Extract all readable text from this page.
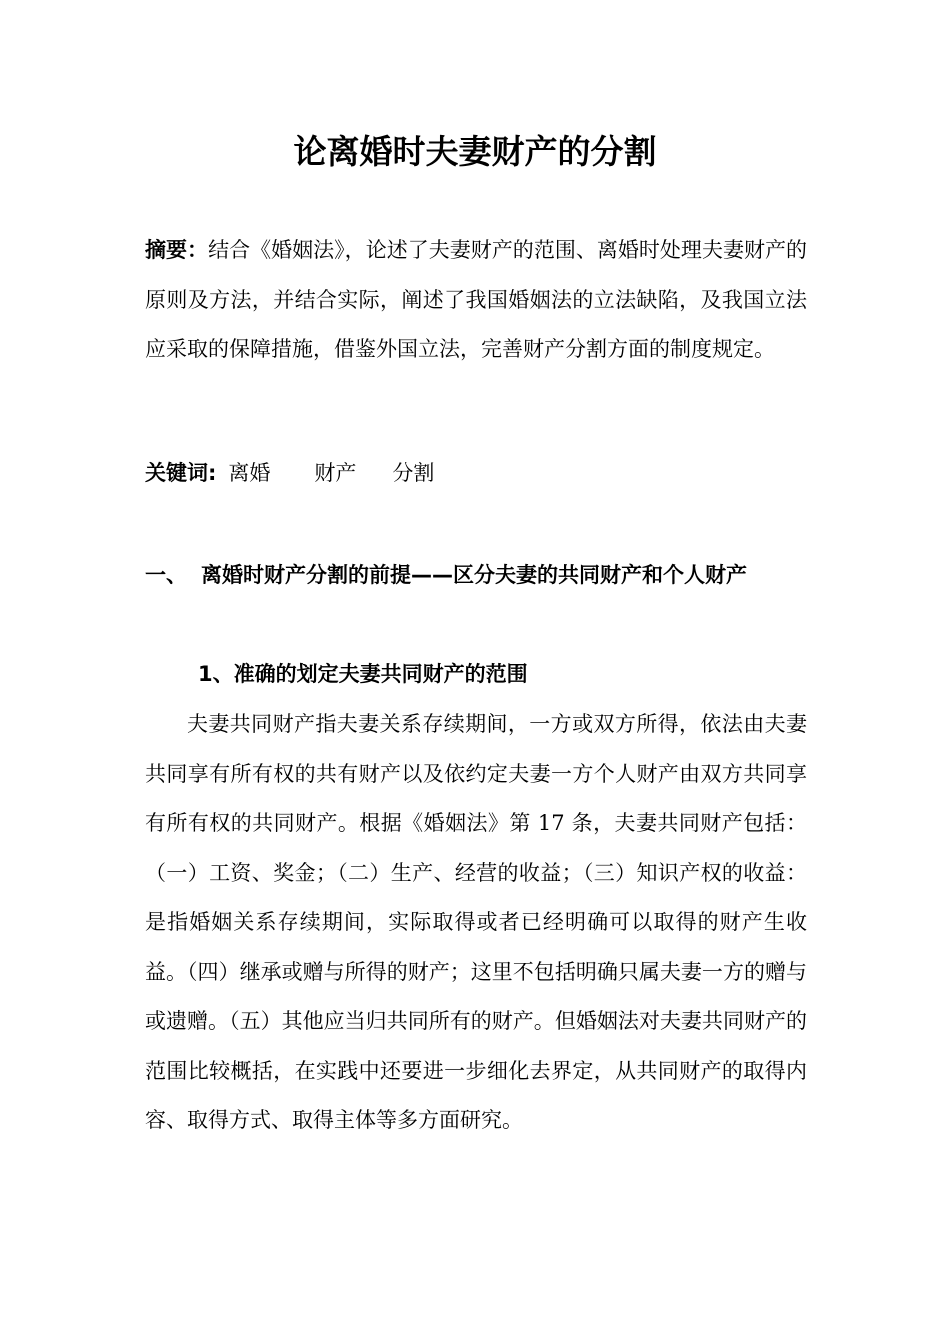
论离婚时夫妻财产的分割

摘要：结合《婚姻法》，论述了夫妻财产的范围、离婚时处理夫妻财产的原则及方法，并结合实际，阐述了我国婚姻法的立法缺陷，及我国立法应采取的保障措施，借鉴外国立法，完善财产分割方面的制度规定。

关键词: 离婚 财产 分割

一、 离婚时财产分割的前提——区分夫妻的共同财产和个人财产
1、准确的划定夫妻共同财产的范围

夫妻共同财产指夫妻关系存续期间，一方或双方所得，依法由夫妻共同享有所有权的共有财产以及依约定夫妻一方个人财产由双方共同享有所有权的共同财产。根据《婚姻法》第 17 条，夫妻共同财产包括：（一）工资、奖金；（二）生产、经营的收益；（三）知识产权的收益：是指婚姻关系存续期间，实际取得或者已经明确可以取得的财产生收益。（四）继承或赠与所得的财产；这里不包括明确只属夫妻一方的赠与或遗赠。（五）其他应当归共同所有的财产。但婚姻法对夫妻共同财产的范围比较概括，在实践中还要进一步细化去界定，从共同财产的取得内容、取得方式、取得主体等多方面研究。
